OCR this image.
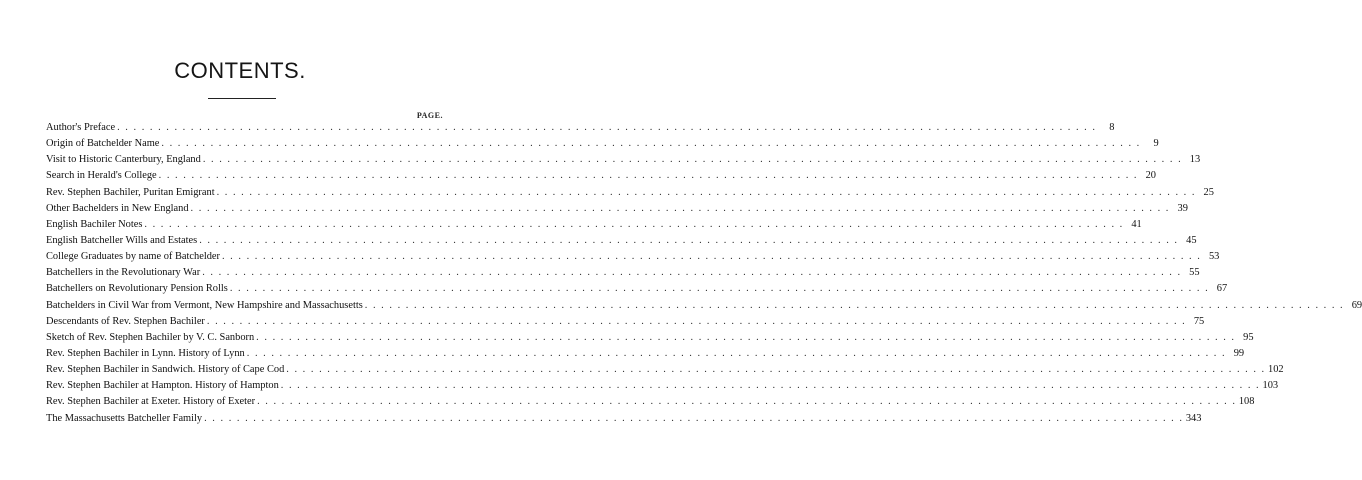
CONTENTS.
PAGE.
Author's Preface . . . . . . . . . . . . . . . . . . . . . . . . . . . . . . . . . . . . . . . . . . . . . . . . . . . . . . . . . . . . . . . . . . . . . . . . . . . . . . . . . . . . . . . . . . . . . . . . . . . . . . . . . . . . . . . . . . . . . . . .	8
Origin of Batchelder Name . . . . . . . . . . . . . . . . . . . . . . . . . . . . . . . . . . . . . . . . . . . . . . . . . . . . . . . . . . . . . . . . . . . . . . . . . . . . . . . . . . . . . . . . . . . . . . . . . . . . . . . . . . . . . . . . . . . . . . . .	9
Visit to Historic Canterbury, England . . . . . . . . . . . . . . . . . . . . . . . . . . . . . . . . . . . . . . . . . . . . . . . . . . . . . . . . . . . . . . . . . . . . . . . . . . . . . . . . . . . . . . . . . . . . . . . . . . . . . . . . . . . . . . . . . . . . . . . . 13
Search in Herald's College . . . . . . . . . . . . . . . . . . . . . . . . . . . . . . . . . . . . . . . . . . . . . . . . . . . . . . . . . . . . . . . . . . . . . . . . . . . . . . . . . . . . . . . . . . . . . . . . . . . . . . . . . . . . . . . . . . . . . . . . 20
Rev. Stephen Bachiler, Puritan Emigrant . . . . . . . . . . . . . . . . . . . . . . . . . . . . . . . . . . . . . . . . . . . . . . . . . . . . . . . . . . . . . . . . . . . . . . . . . . . . . . . . . . . . . . . . . . . . . . . . . . . . . . . . . . . . . . . . . . . . . . . . 25
Other Bachelders in New England . . . . . . . . . . . . . . . . . . . . . . . . . . . . . . . . . . . . . . . . . . . . . . . . . . . . . . . . . . . . . . . . . . . . . . . . . . . . . . . . . . . . . . . . . . . . . . . . . . . . . . . . . . . . . . . . . . . . . . . . 39
English Bachiler Notes . . . . . . . . . . . . . . . . . . . . . . . . . . . . . . . . . . . . . . . . . . . . . . . . . . . . . . . . . . . . . . . . . . . . . . . . . . . . . . . . . . . . . . . . . . . . . . . . . . . . . . . . . . . . . . . . . . . . . . . . 41
English Batcheller Wills and Estates . . . . . . . . . . . . . . . . . . . . . . . . . . . . . . . . . . . . . . . . . . . . . . . . . . . . . . . . . . . . . . . . . . . . . . . . . . . . . . . . . . . . . . . . . . . . . . . . . . . . . . . . . . . . . . . . . . . . . . . . 45
College Graduates by name of Batchelder . . . . . . . . . . . . . . . . . . . . . . . . . . . . . . . . . . . . . . . . . . . . . . . . . . . . . . . . . . . . . . . . . . . . . . . . . . . . . . . . . . . . . . . . . . . . . . . . . . . . . . . . . . . . . . . . . . . . . . . . 53
Batchellers in the Revolutionary War . . . . . . . . . . . . . . . . . . . . . . . . . . . . . . . . . . . . . . . . . . . . . . . . . . . . . . . . . . . . . . . . . . . . . . . . . . . . . . . . . . . . . . . . . . . . . . . . . . . . . . . . . . . . . . . . . . . . . . . . 55
Batchellers on Revolutionary Pension Rolls . . . . . . . . . . . . . . . . . . . . . . . . . . . . . . . . . . . . . . . . . . . . . . . . . . . . . . . . . . . . . . . . . . . . . . . . . . . . . . . . . . . . . . . . . . . . . . . . . . . . . . . . . . . . . . . . . . . . . . . . 67
Batchelders in Civil War from Vermont, New Hampshire and Massachusetts . . . . . . . . . . . . . . . . . . . . . . . . . . . . . . . . . . . . . . . . . . . . . . . . . . . . . . . . . . . . . . . . . . . . . . . . . . . . . . . . . . . . . . . . . . . . . . . . . . . . . . . . . . . . . . . . . . . . . . . . 69
Descendants of Rev. Stephen Bachiler . . . . . . . . . . . . . . . . . . . . . . . . . . . . . . . . . . . . . . . . . . . . . . . . . . . . . . . . . . . . . . . . . . . . . . . . . . . . . . . . . . . . . . . . . . . . . . . . . . . . . . . . . . . . . . . . . . . . . . . . 75
Sketch of Rev. Stephen Bachiler by V. C. Sanborn . . . . . . . . . . . . . . . . . . . . . . . . . . . . . . . . . . . . . . . . . . . . . . . . . . . . . . . . . . . . . . . . . . . . . . . . . . . . . . . . . . . . . . . . . . . . . . . . . . . . . . . . . . . . . . . . . . . . . . . . 95
Rev. Stephen Bachiler in Lynn. History of Lynn . . . . . . . . . . . . . . . . . . . . . . . . . . . . . . . . . . . . . . . . . . . . . . . . . . . . . . . . . . . . . . . . . . . . . . . . . . . . . . . . . . . . . . . . . . . . . . . . . . . . . . . . . . . . . . . . . . . . . . . . 99
Rev. Stephen Bachiler in Sandwich. History of Cape Cod . . . . . . . . . . . . . . . . . . . . . . . . . . . . . . . . . . . . . . . . . . . . . . . . . . . . . . . . . . . . . . . . . . . . . . . . . . . . . . . . . . . . . . . . . . . . . . . . . . . . . . . . . . . . . . . . . . . . . . . . 102
Rev. Stephen Bachiler at Hampton. History of Hampton . . . . . . . . . . . . . . . . . . . . . . . . . . . . . . . . . . . . . . . . . . . . . . . . . . . . . . . . . . . . . . . . . . . . . . . . . . . . . . . . . . . . . . . . . . . . . . . . . . . . . . . . . . . . . . . . . . . . . . . . 103
Rev. Stephen Bachiler at Exeter. History of Exeter . . . . . . . . . . . . . . . . . . . . . . . . . . . . . . . . . . . . . . . . . . . . . . . . . . . . . . . . . . . . . . . . . . . . . . . . . . . . . . . . . . . . . . . . . . . . . . . . . . . . . . . . . . . . . . . . . . . . . . . . 108
The Massachusetts Batcheller Family . . . . . . . . . . . . . . . . . . . . . . . . . . . . . . . . . . . . . . . . . . . . . . . . . . . . . . . . . . . . . . . . . . . . . . . . . . . . . . . . . . . . . . . . . . . . . . . . . . . . . . . . . . . . . . . . . . . . . . . . 343
